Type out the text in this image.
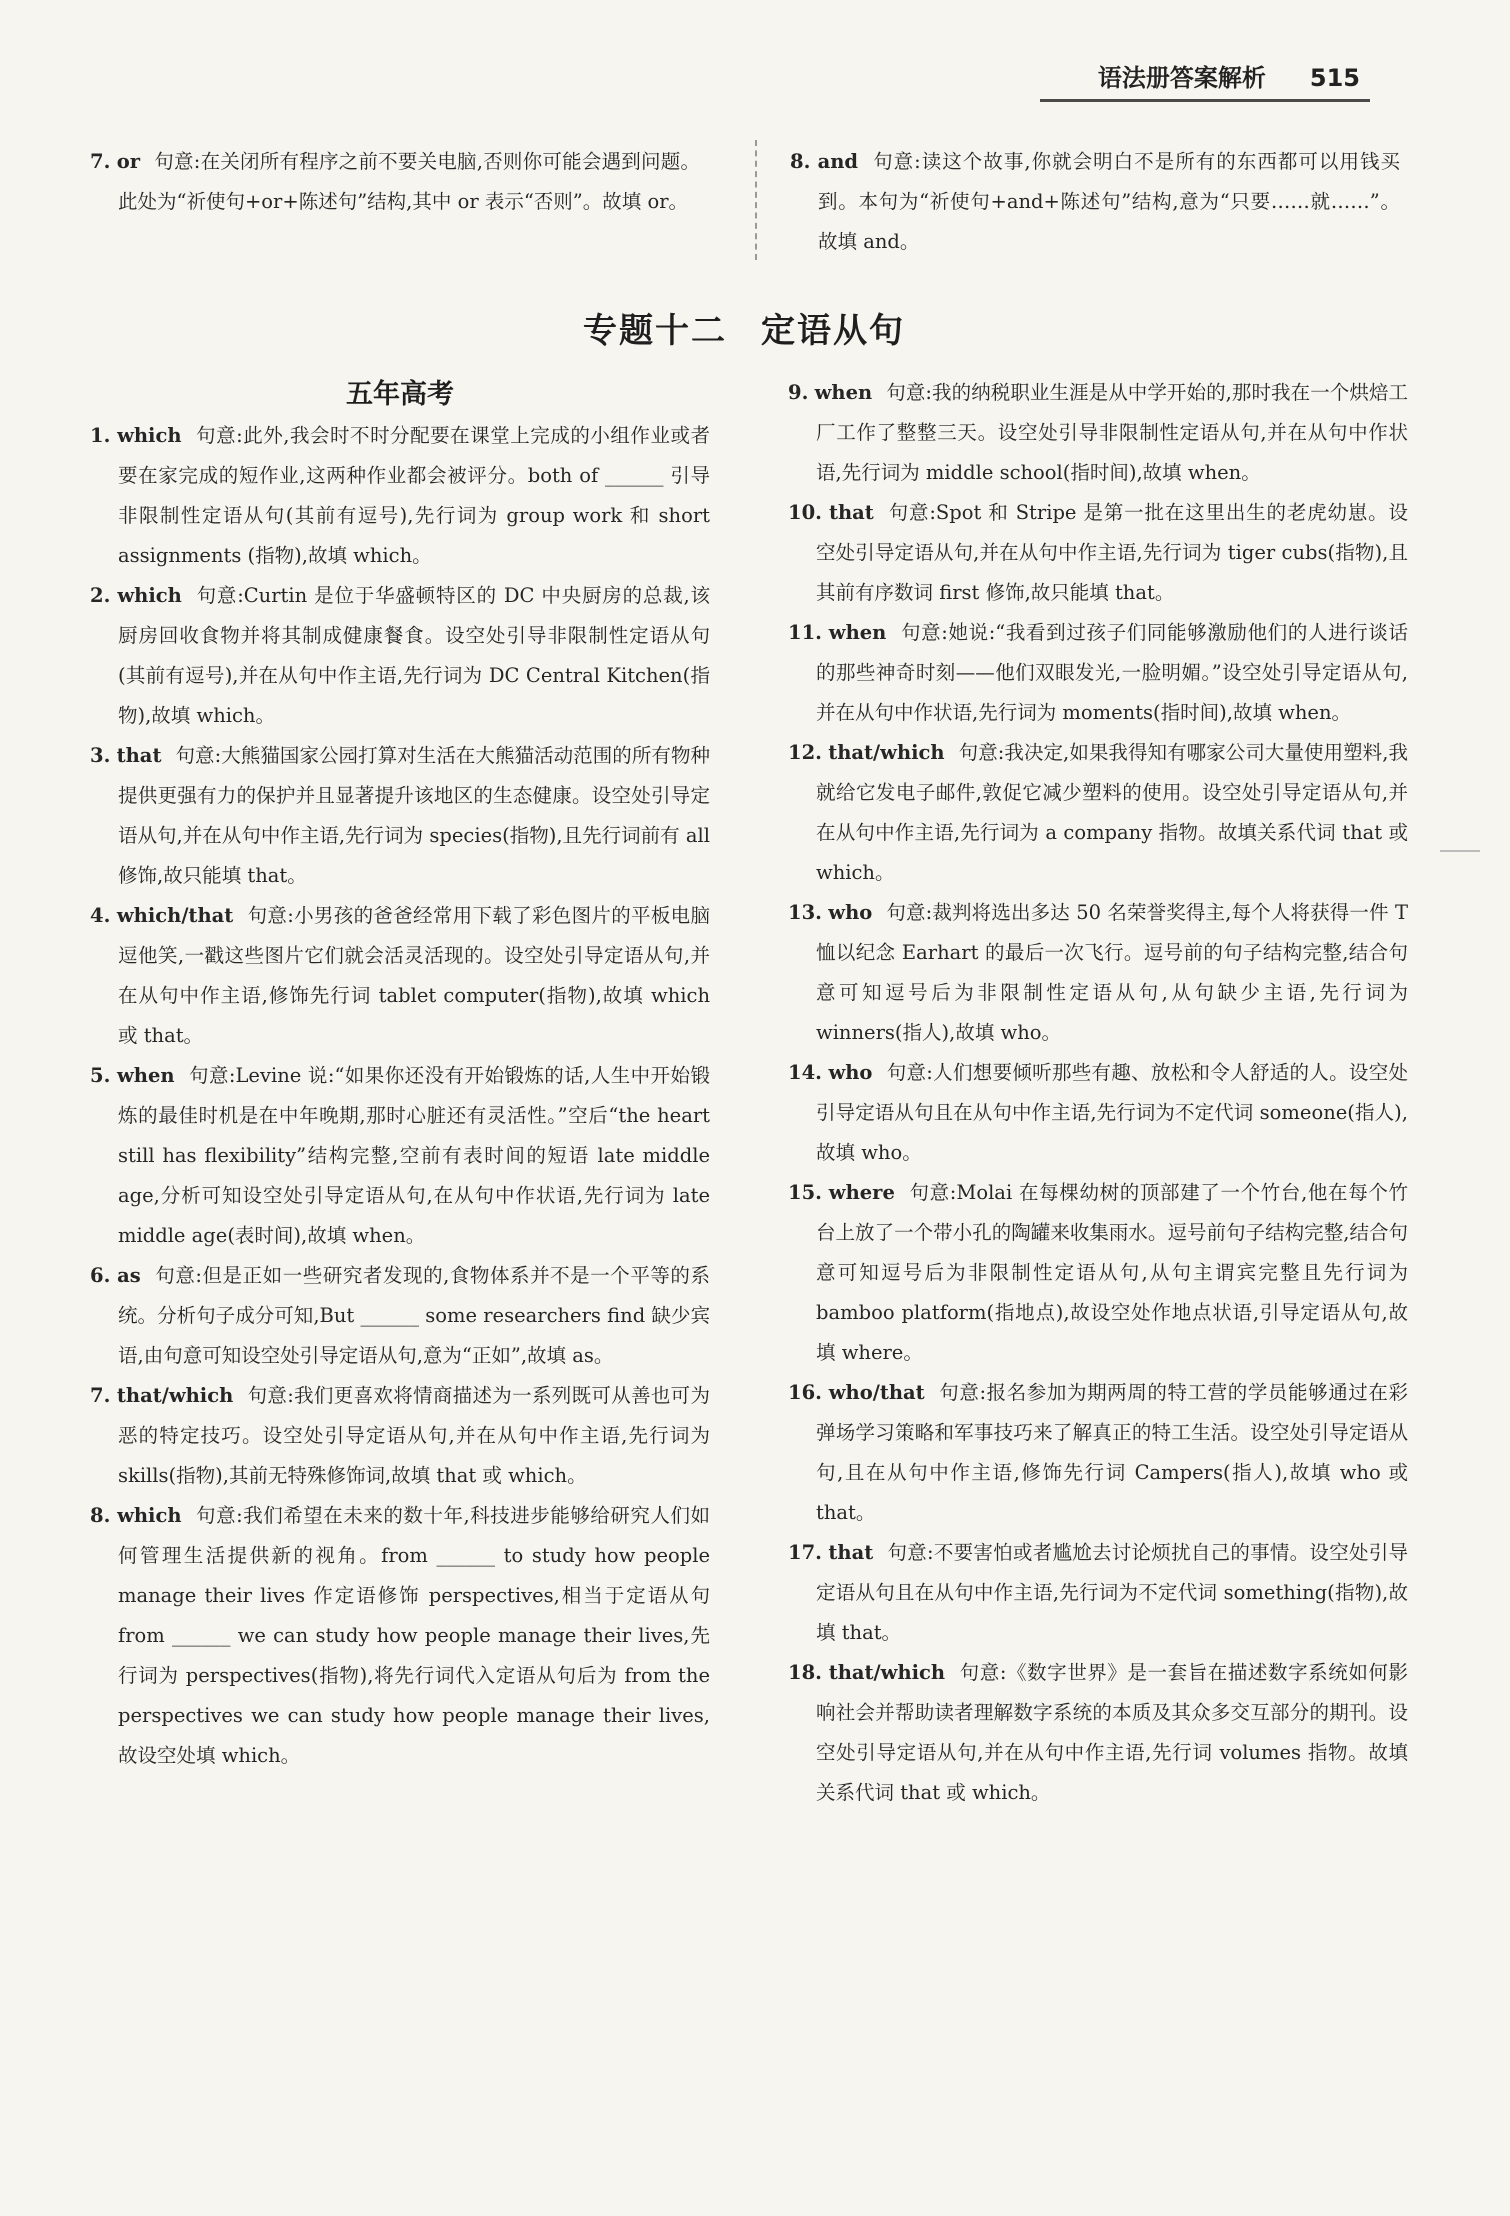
语法册答案解析 515

7. or 句意:在关闭所有程序之前不要关电脑,否则你可能会遇到问题。此处为“祈使句+or+陈述句”结构,其中 or 表示“否则”。故填 or。

8. and 句意:读这个故事,你就会明白不是所有的东西都可以用钱买到。本句为“祈使句+and+陈述句”结构,意为“只要……就……”。故填 and。

专题十二 定语从句
五年高考

1. which 句意:此外,我会时不时分配要在课堂上完成的小组作业或者要在家完成的短作业,这两种作业都会被评分。both of ______ 引导非限制性定语从句(其前有逗号),先行词为 group work 和 short assignments (指物),故填 which。

2. which 句意:Curtin 是位于华盛顿特区的 DC 中央厨房的总裁,该厨房回收食物并将其制成健康餐食。设空处引导非限制性定语从句(其前有逗号),并在从句中作主语,先行词为 DC Central Kitchen(指物),故填 which。

3. that 句意:大熊猫国家公园打算对生活在大熊猫活动范围的所有物种提供更强有力的保护并且显著提升该地区的生态健康。设空处引导定语从句,并在从句中作主语,先行词为 species(指物),且先行词前有 all 修饰,故只能填 that。

4. which/that 句意:小男孩的爸爸经常用下载了彩色图片的平板电脑逗他笑,一戳这些图片它们就会活灵活现的。设空处引导定语从句,并在从句中作主语,修饰先行词 tablet computer(指物),故填 which 或 that。

5. when 句意:Levine 说:“如果你还没有开始锻炼的话,人生中开始锻炼的最佳时机是在中年晚期,那时心脏还有灵活性。”空后“the heart still has flexibility”结构完整,空前有表时间的短语 late middle age,分析可知设空处引导定语从句,在从句中作状语,先行词为 late middle age(表时间),故填 when。

6. as 句意:但是正如一些研究者发现的,食物体系并不是一个平等的系统。分析句子成分可知,But ______ some researchers find 缺少宾语,由句意可知设空处引导定语从句,意为“正如”,故填 as。

7. that/which 句意:我们更喜欢将情商描述为一系列既可从善也可为恶的特定技巧。设空处引导定语从句,并在从句中作主语,先行词为 skills(指物),其前无特殊修饰词,故填 that 或 which。

8. which 句意:我们希望在未来的数十年,科技进步能够给研究人们如何管理生活提供新的视角。from ______ to study how people manage their lives 作定语修饰 perspectives,相当于定语从句 from ______ we can study how people manage their lives,先行词为 perspectives(指物),将先行词代入定语从句后为 from the perspectives we can study how people manage their lives,故设空处填 which。

9. when 句意:我的纳税职业生涯是从中学开始的,那时我在一个烘焙工厂工作了整整三天。设空处引导非限制性定语从句,并在从句中作状语,先行词为 middle school(指时间),故填 when。

10. that 句意:Spot 和 Stripe 是第一批在这里出生的老虎幼崽。设空处引导定语从句,并在从句中作主语,先行词为 tiger cubs(指物),且其前有序数词 first 修饰,故只能填 that。

11. when 句意:她说:“我看到过孩子们同能够激励他们的人进行谈话的那些神奇时刻——他们双眼发光,一脸明媚。”设空处引导定语从句,并在从句中作状语,先行词为 moments(指时间),故填 when。

12. that/which 句意:我决定,如果我得知有哪家公司大量使用塑料,我就给它发电子邮件,敦促它减少塑料的使用。设空处引导定语从句,并在从句中作主语,先行词为 a company 指物。故填关系代词 that 或 which。

13. who 句意:裁判将选出多达 50 名荣誉奖得主,每个人将获得一件 T 恤以纪念 Earhart 的最后一次飞行。逗号前的句子结构完整,结合句意可知逗号后为非限制性定语从句,从句缺少主语,先行词为 winners(指人),故填 who。

14. who 句意:人们想要倾听那些有趣、放松和令人舒适的人。设空处引导定语从句且在从句中作主语,先行词为不定代词 someone(指人),故填 who。

15. where 句意:Molai 在每棵幼树的顶部建了一个竹台,他在每个竹台上放了一个带小孔的陶罐来收集雨水。逗号前句子结构完整,结合句意可知逗号后为非限制性定语从句,从句主谓宾完整且先行词为 bamboo platform(指地点),故设空处作地点状语,引导定语从句,故填 where。

16. who/that 句意:报名参加为期两周的特工营的学员能够通过在彩弹场学习策略和军事技巧来了解真正的特工生活。设空处引导定语从句,且在从句中作主语,修饰先行词 Campers(指人),故填 who 或 that。

17. that 句意:不要害怕或者尴尬去讨论烦扰自己的事情。设空处引导定语从句且在从句中作主语,先行词为不定代词 something(指物),故填 that。

18. that/which 句意:《数字世界》是一套旨在描述数字系统如何影响社会并帮助读者理解数字系统的本质及其众多交互部分的期刊。设空处引导定语从句,并在从句中作主语,先行词 volumes 指物。故填关系代词 that 或 which。
